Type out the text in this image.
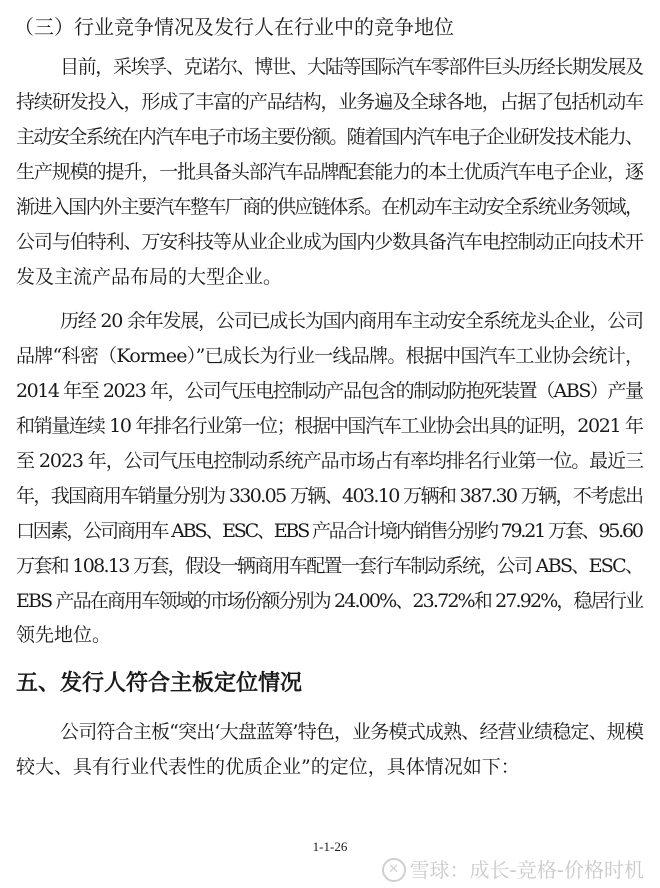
（三）行业竞争情况及发行人在行业中的竞争地位
目前，采埃孚、克诺尔、博世、大陆等国际汽车零部件巨头历经长期发展及
持续研发投入，形成了丰富的产品结构，业务遍及全球各地，占据了包括机动车
主动安全系统在内汽车电子市场主要份额。随着国内汽车电子企业研发技术能力、
生产规模的提升，一批具备头部汽车品牌配套能力的本土优质汽车电子企业，逐
渐进入国内外主要汽车整车厂商的供应链体系。在机动车主动安全系统业务领域，
公司与伯特利、万安科技等从业企业成为国内少数具备汽车电控制动正向技术开
发及主流产品布局的大型企业。
历经 20 余年发展，公司已成长为国内商用车主动安全系统龙头企业，公司
品牌“科密（Kormee）”已成长为行业一线品牌。根据中国汽车工业协会统计，
2014 年至 2023 年，公司气压电控制动产品包含的制动防抱死装置（ABS）产量
和销量连续 10 年排名行业第一位；根据中国汽车工业协会出具的证明，2021 年
至 2023 年，公司气压电控制动系统产品市场占有率均排名行业第一位。最近三
年，我国商用车销量分别为 330.05 万辆、403.10 万辆和 387.30 万辆，不考虑出
口因素，公司商用车 ABS、ESC、EBS 产品合计境内销售分别约 79.21 万套、95.60
万套和 108.13 万套，假设一辆商用车配置一套行车制动系统，公司 ABS、ESC、
EBS 产品在商用车领域的市场份额分别为 24.00%、23.72%和 27.92%，稳居行业
领先地位。
五、发行人符合主板定位情况
公司符合主板“突出‘大盘蓝筹’特色，业务模式成熟、经营业绩稳定、规模
较大、具有行业代表性的优质企业”的定位，具体情况如下：
1-1-26
✕ 雪球：成长-竞格-价格时机
